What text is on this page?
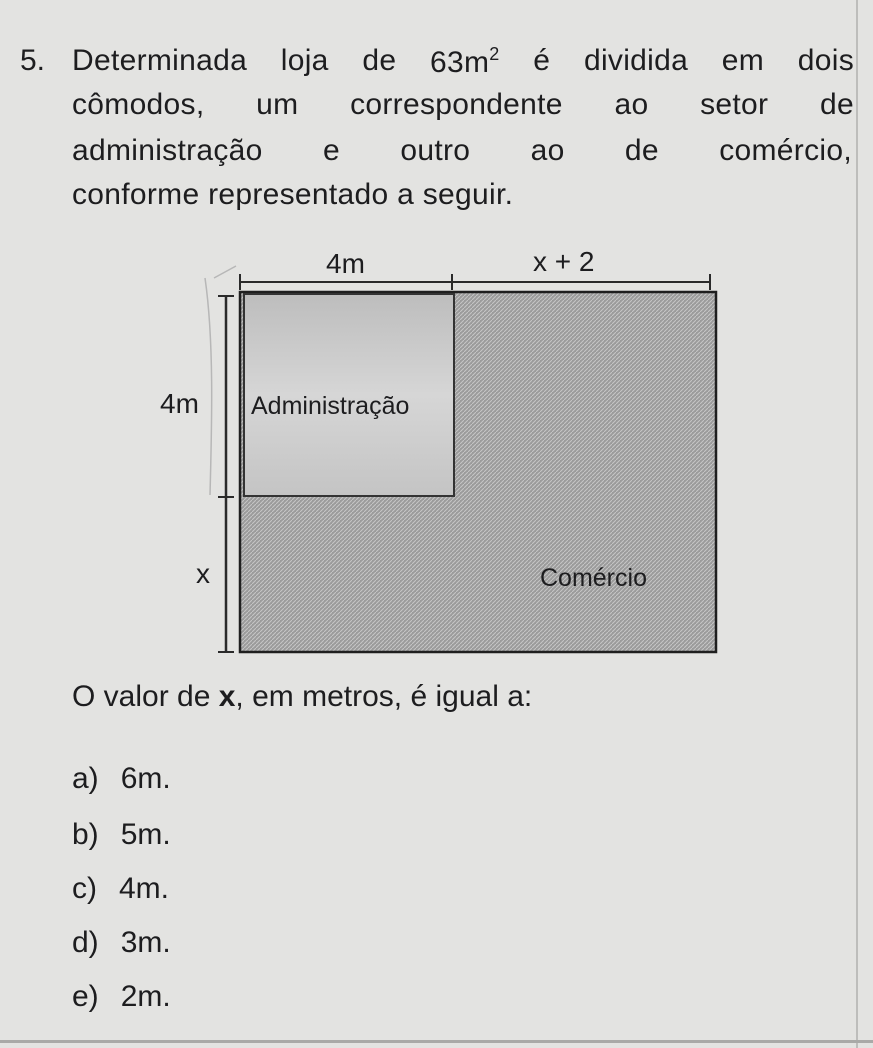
5. Determinada loja de $63m^2$ é dividida em dois
cômodos, um correspondente ao setor de
administração e outro ao de comércio,
conforme representado a seguir.
4m	x + 2
4m
x
Administração
Comércio
O valor de x, em metros, é igual a:
a) 6m.
b) 5m.
c) 4m.
d) 3m.
e) 2m.
